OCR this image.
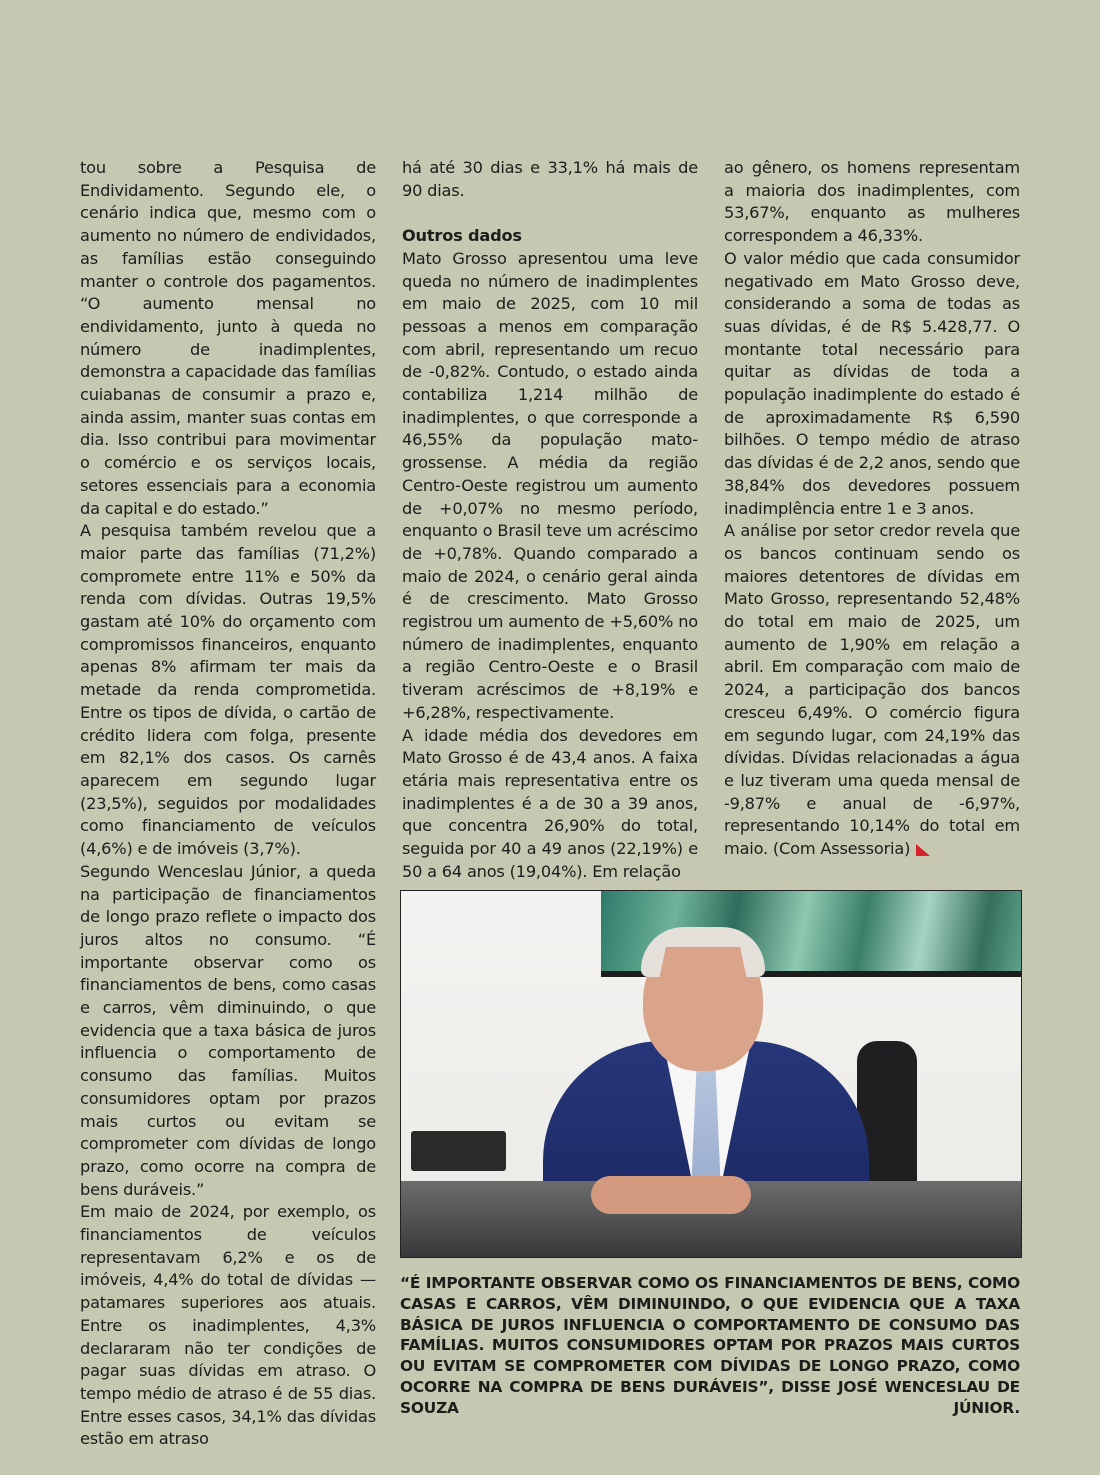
tou sobre a Pesquisa de Endividamento. Segundo ele, o cenário indica que, mesmo com o aumento no número de endividados, as famílias estão conseguindo manter o controle dos pagamentos. “O aumento mensal no endividamento, junto à queda no número de inadimplentes, demonstra a capacidade das famílias cuiabanas de consumir a prazo e, ainda assim, manter suas contas em dia. Isso contribui para movimentar o comércio e os serviços locais, setores essenciais para a economia da capital e do estado.”

A pesquisa também revelou que a maior parte das famílias (71,2%) compromete entre 11% e 50% da renda com dívidas. Outras 19,5% gastam até 10% do orçamento com compromissos financeiros, enquanto apenas 8% afirmam ter mais da metade da renda comprometida. Entre os tipos de dívida, o cartão de crédito lidera com folga, presente em 82,1% dos casos. Os carnês aparecem em segundo lugar (23,5%), seguidos por modalidades como financiamento de veículos (4,6%) e de imóveis (3,7%).

Segundo Wenceslau Júnior, a queda na participação de financiamentos de longo prazo reflete o impacto dos juros altos no consumo. “É importante observar como os financiamentos de bens, como casas e carros, vêm diminuindo, o que evidencia que a taxa básica de juros influencia o comportamento de consumo das famílias. Muitos consumidores optam por prazos mais curtos ou evitam se comprometer com dívidas de longo prazo, como ocorre na compra de bens duráveis.”

Em maio de 2024, por exemplo, os financiamentos de veículos representavam 6,2% e os de imóveis, 4,4% do total de dívidas — patamares superiores aos atuais. Entre os inadimplentes, 4,3% declararam não ter condições de pagar suas dívidas em atraso. O tempo médio de atraso é de 55 dias. Entre esses casos, 34,1% das dívidas estão em atraso

há até 30 dias e 33,1% há mais de 90 dias.

Outros dados

Mato Grosso apresentou uma leve queda no número de inadimplentes em maio de 2025, com 10 mil pessoas a menos em comparação com abril, representando um recuo de -0,82%. Contudo, o estado ainda contabiliza 1,214 milhão de inadimplentes, o que corresponde a 46,55% da população mato-grossense. A média da região Centro-Oeste registrou um aumento de +0,07% no mesmo período, enquanto o Brasil teve um acréscimo de +0,78%. Quando comparado a maio de 2024, o cenário geral ainda é de crescimento. Mato Grosso registrou um aumento de +5,60% no número de inadimplentes, enquanto a região Centro-Oeste e o Brasil tiveram acréscimos de +8,19% e +6,28%, respectivamente.

A idade média dos devedores em Mato Grosso é de 43,4 anos. A faixa etária mais representativa entre os inadimplentes é a de 30 a 39 anos, que concentra 26,90% do total, seguida por 40 a 49 anos (22,19%) e 50 a 64 anos (19,04%). Em relação

ao gênero, os homens representam a maioria dos inadimplentes, com 53,67%, enquanto as mulheres correspondem a 46,33%.

O valor médio que cada consumidor negativado em Mato Grosso deve, considerando a soma de todas as suas dívidas, é de R$ 5.428,77. O montante total necessário para quitar as dívidas de toda a população inadimplente do estado é de aproximadamente R$ 6,590 bilhões. O tempo médio de atraso das dívidas é de 2,2 anos, sendo que 38,84% dos devedores possuem inadimplência entre 1 e 3 anos.

A análise por setor credor revela que os bancos continuam sendo os maiores detentores de dívidas em Mato Grosso, representando 52,48% do total em maio de 2025, um aumento de 1,90% em relação a abril. Em comparação com maio de 2024, a participação dos bancos cresceu 6,49%. O comércio figura em segundo lugar, com 24,19% das dívidas. Dívidas relacionadas a água e luz tiveram uma queda mensal de -9,87% e anual de -6,97%, representando 10,14% do total em maio. (Com Assessoria)

“É IMPORTANTE OBSERVAR COMO OS FINANCIAMENTOS DE BENS, COMO CASAS E CARROS, VÊM DIMINUINDO, O QUE EVIDENCIA QUE A TAXA BÁSICA DE JUROS INFLUENCIA O COMPORTAMENTO DE CONSUMO DAS FAMÍLIAS. MUITOS CONSUMIDORES OPTAM POR PRAZOS MAIS CURTOS OU EVITAM SE COMPROMETER COM DÍVIDAS DE LONGO PRAZO, COMO OCORRE NA COMPRA DE BENS DURÁVEIS”, DISSE JOSÉ WENCESLAU DE SOUZA JÚNIOR.
